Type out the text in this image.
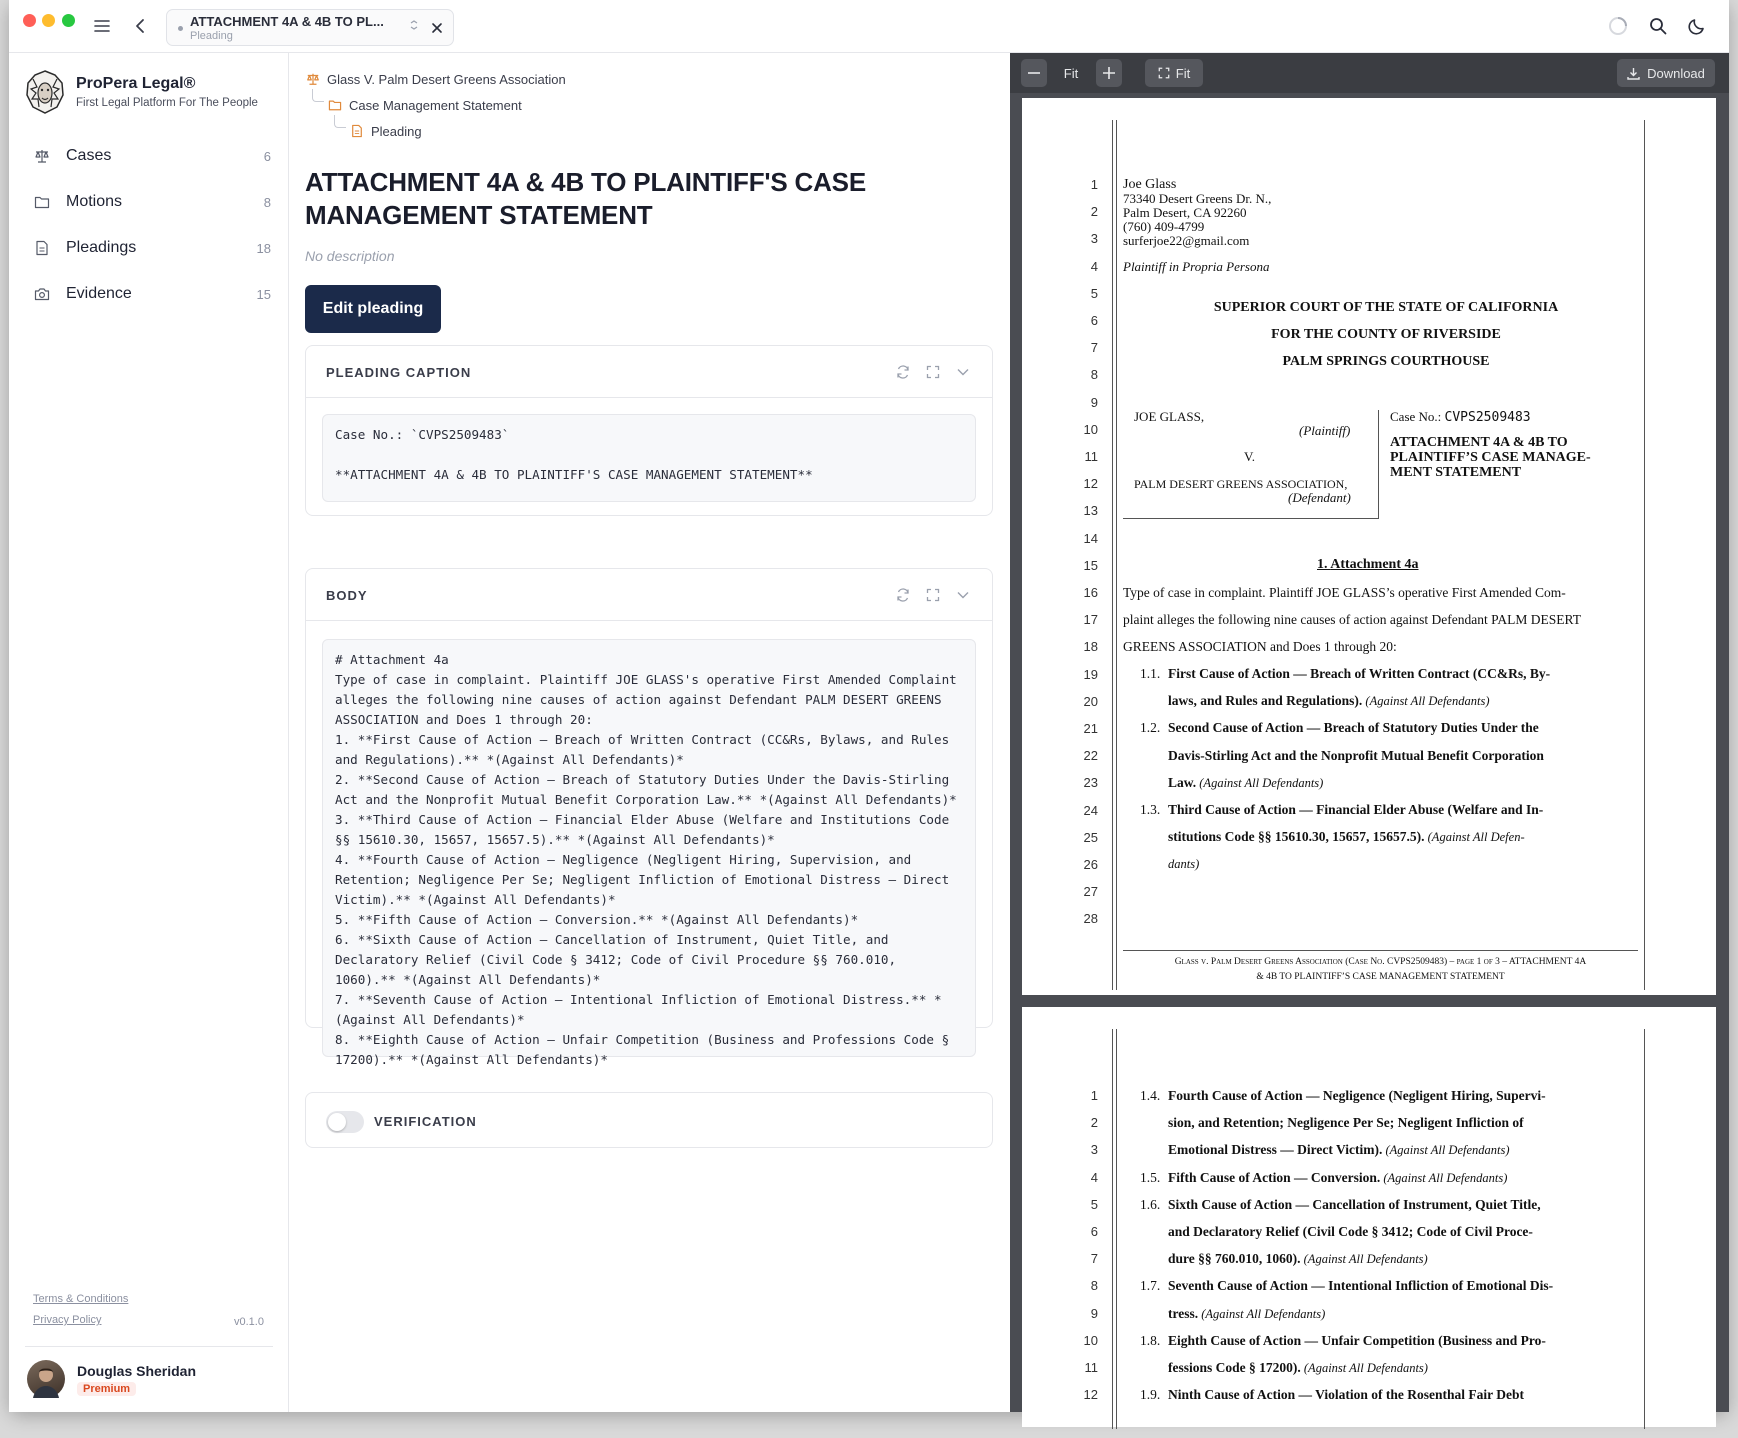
ATTACHMENT 4A & 4B TO PL...
Pleading
ProPera Legal®
First Legal Platform For The People
Cases	6
Motions	8
Pleadings	18
Evidence	15
Terms & Conditions
Privacy Policy	v0.1.0
Douglas Sheridan
Premium
Glass V. Palm Desert Greens Association
Case Management Statement
Pleading
ATTACHMENT 4A & 4B TO PLAINTIFF'S CASE MANAGEMENT STATEMENT
No description
Edit pleading
PLEADING CAPTION
Case No.: `CVPS2509483`

**ATTACHMENT 4A & 4B TO PLAINTIFF'S CASE MANAGEMENT STATEMENT**
BODY
# Attachment 4a
Type of case in complaint. Plaintiff JOE GLASS's operative First Amended Complaint alleges the following nine causes of action against Defendant PALM DESERT GREENS ASSOCIATION and Does 1 through 20:
1. **First Cause of Action — Breach of Written Contract (CC&Rs, Bylaws, and Rules and Regulations).** *(Against All Defendants)*
2. **Second Cause of Action — Breach of Statutory Duties Under the Davis-Stirling Act and the Nonprofit Mutual Benefit Corporation Law.** *(Against All Defendants)*
3. **Third Cause of Action — Financial Elder Abuse (Welfare and Institutions Code §§ 15610.30, 15657, 15657.5).** *(Against All Defendants)*
4. **Fourth Cause of Action — Negligence (Negligent Hiring, Supervision, and Retention; Negligence Per Se; Negligent Infliction of Emotional Distress — Direct Victim).** *(Against All Defendants)*
5. **Fifth Cause of Action — Conversion.** *(Against All Defendants)*
6. **Sixth Cause of Action — Cancellation of Instrument, Quiet Title, and Declaratory Relief (Civil Code § 3412; Code of Civil Procedure §§ 760.010, 1060).** *(Against All Defendants)*
7. **Seventh Cause of Action — Intentional Infliction of Emotional Distress.** *(Against All Defendants)*
8. **Eighth Cause of Action — Unfair Competition (Business and Professions Code § 17200).** *(Against All Defendants)*
VERIFICATION
Fit	Fit	Download
1
2
3
4
5
6
7
8
9
10
11
12
13
14
15
16
17
18
19
20
21
22
23
24
25
26
27
28
Joe Glass
73340 Desert Greens Dr. N.,
Palm Desert, CA 92260
(760) 409-4799
surferjoe22@gmail.com
Plaintiff in Propria Persona
SUPERIOR COURT OF THE STATE OF CALIFORNIA
FOR THE COUNTY OF RIVERSIDE
PALM SPRINGS COURTHOUSE
JOE GLASS,
(Plaintiff)
V.
PALM DESERT GREENS ASSOCIATION,
(Defendant)
Case No.: CVPS2509483
ATTACHMENT 4A & 4B TO
PLAINTIFF’S CASE MANAGE-
MENT STATEMENT
1. Attachment 4a
Type of case in complaint. Plaintiff JOE GLASS’s operative First Amended Com-
plaint alleges the following nine causes of action against Defendant PALM DESERT
GREENS ASSOCIATION and Does 1 through 20:
1.1. First Cause of Action — Breach of Written Contract (CC&Rs, By-
laws, and Rules and Regulations). (Against All Defendants)
1.2. Second Cause of Action — Breach of Statutory Duties Under the
Davis-Stirling Act and the Nonprofit Mutual Benefit Corporation
Law. (Against All Defendants)
1.3. Third Cause of Action — Financial Elder Abuse (Welfare and In-
stitutions Code §§ 15610.30, 15657, 15657.5). (Against All Defen-
dants)
Glass v. Palm Desert Greens Association (Case No. CVPS2509483) – page 1 of 3 – ATTACHMENT 4A
& 4B TO PLAINTIFF’S CASE MANAGEMENT STATEMENT
1
2
3
4
5
6
7
8
9
10
11
12
1.4. Fourth Cause of Action — Negligence (Negligent Hiring, Supervi-
sion, and Retention; Negligence Per Se; Negligent Infliction of
Emotional Distress — Direct Victim). (Against All Defendants)
1.5. Fifth Cause of Action — Conversion. (Against All Defendants)
1.6. Sixth Cause of Action — Cancellation of Instrument, Quiet Title,
and Declaratory Relief (Civil Code § 3412; Code of Civil Proce-
dure §§ 760.010, 1060). (Against All Defendants)
1.7. Seventh Cause of Action — Intentional Infliction of Emotional Dis-
tress. (Against All Defendants)
1.8. Eighth Cause of Action — Unfair Competition (Business and Pro-
fessions Code § 17200). (Against All Defendants)
1.9. Ninth Cause of Action — Violation of the Rosenthal Fair Debt
